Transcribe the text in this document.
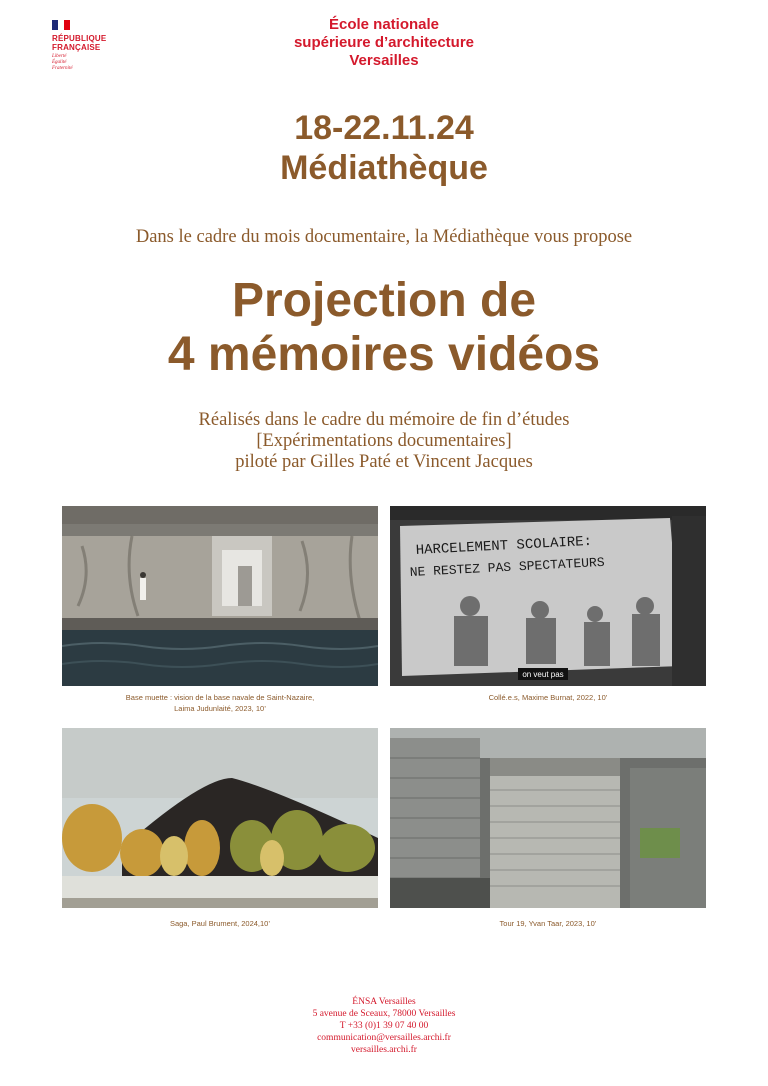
RÉPUBLIQUE
FRANÇAISE
Liberté
Égalité
Fraternité
École nationale
supérieure d’architecture
Versailles
18-22.11.24
Médiathèque
Dans le cadre du mois documentaire, la Médiathèque vous propose
Projection de
4 mémoires vidéos
Réalisés dans le cadre du mémoire de fin d’études
[Expérimentations documentaires]
piloté par Gilles Paté et Vincent Jacques
Base muette : vision de la base navale de Saint-Nazaire,
Laima Judunlaité, 2023, 10’
HARCELEMENT SCOLAIRE:
NE RESTEZ PAS SPECTATEURS
on veut pas
Collé.e.s, Maxime Burnat, 2022, 10’
Saga, Paul Brument, 2024,10’	Tour 19, Yvan Taar, 2023, 10’
ÉNSA Versailles
5 avenue de Sceaux, 78000 Versailles
T +33 (0)1 39 07 40 00
communication@versailles.archi.fr
versailles.archi.fr
